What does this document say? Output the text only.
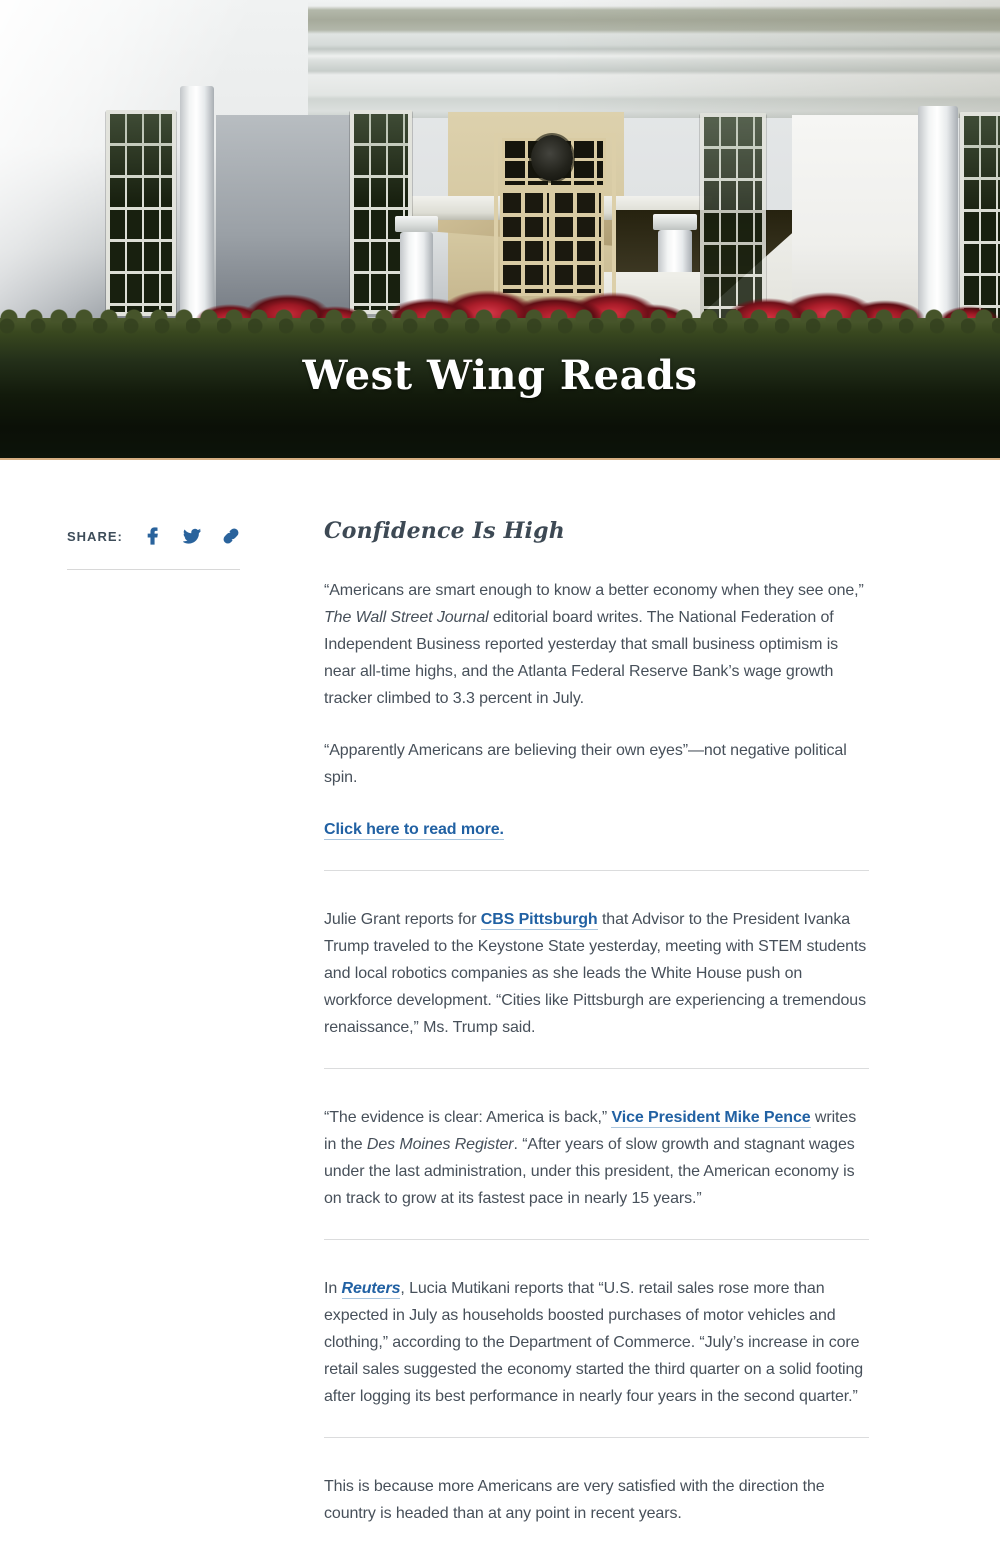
West Wing Reads
SHARE:	Confidence Is High

“Americans are smart enough to know a better economy when they see one,” The Wall Street Journal editorial board writes. The National Federation of Independent Business reported yesterday that small business optimism is near all-time highs, and the Atlanta Federal Reserve Bank’s wage growth tracker climbed to 3.3 percent in July.

“Apparently Americans are believing their own eyes”—not negative political spin.

Click here to read more.

Julie Grant reports for CBS Pittsburgh that Advisor to the President Ivanka Trump traveled to the Keystone State yesterday, meeting with STEM students and local robotics companies as she leads the White House push on workforce development. “Cities like Pittsburgh are experiencing a tremendous renaissance,” Ms. Trump said.

“The evidence is clear: America is back,” Vice President Mike Pence writes in the Des Moines Register. “After years of slow growth and stagnant wages under the last administration, under this president, the American economy is on track to grow at its fastest pace in nearly 15 years.”

In Reuters, Lucia Mutikani reports that “U.S. retail sales rose more than expected in July as households boosted purchases of motor vehicles and clothing,” according to the Department of Commerce. “July’s increase in core retail sales suggested the economy started the third quarter on a solid footing after logging its best performance in nearly four years in the second quarter.”

This is because more Americans are very satisfied with the direction the country is headed than at any point in recent years.
